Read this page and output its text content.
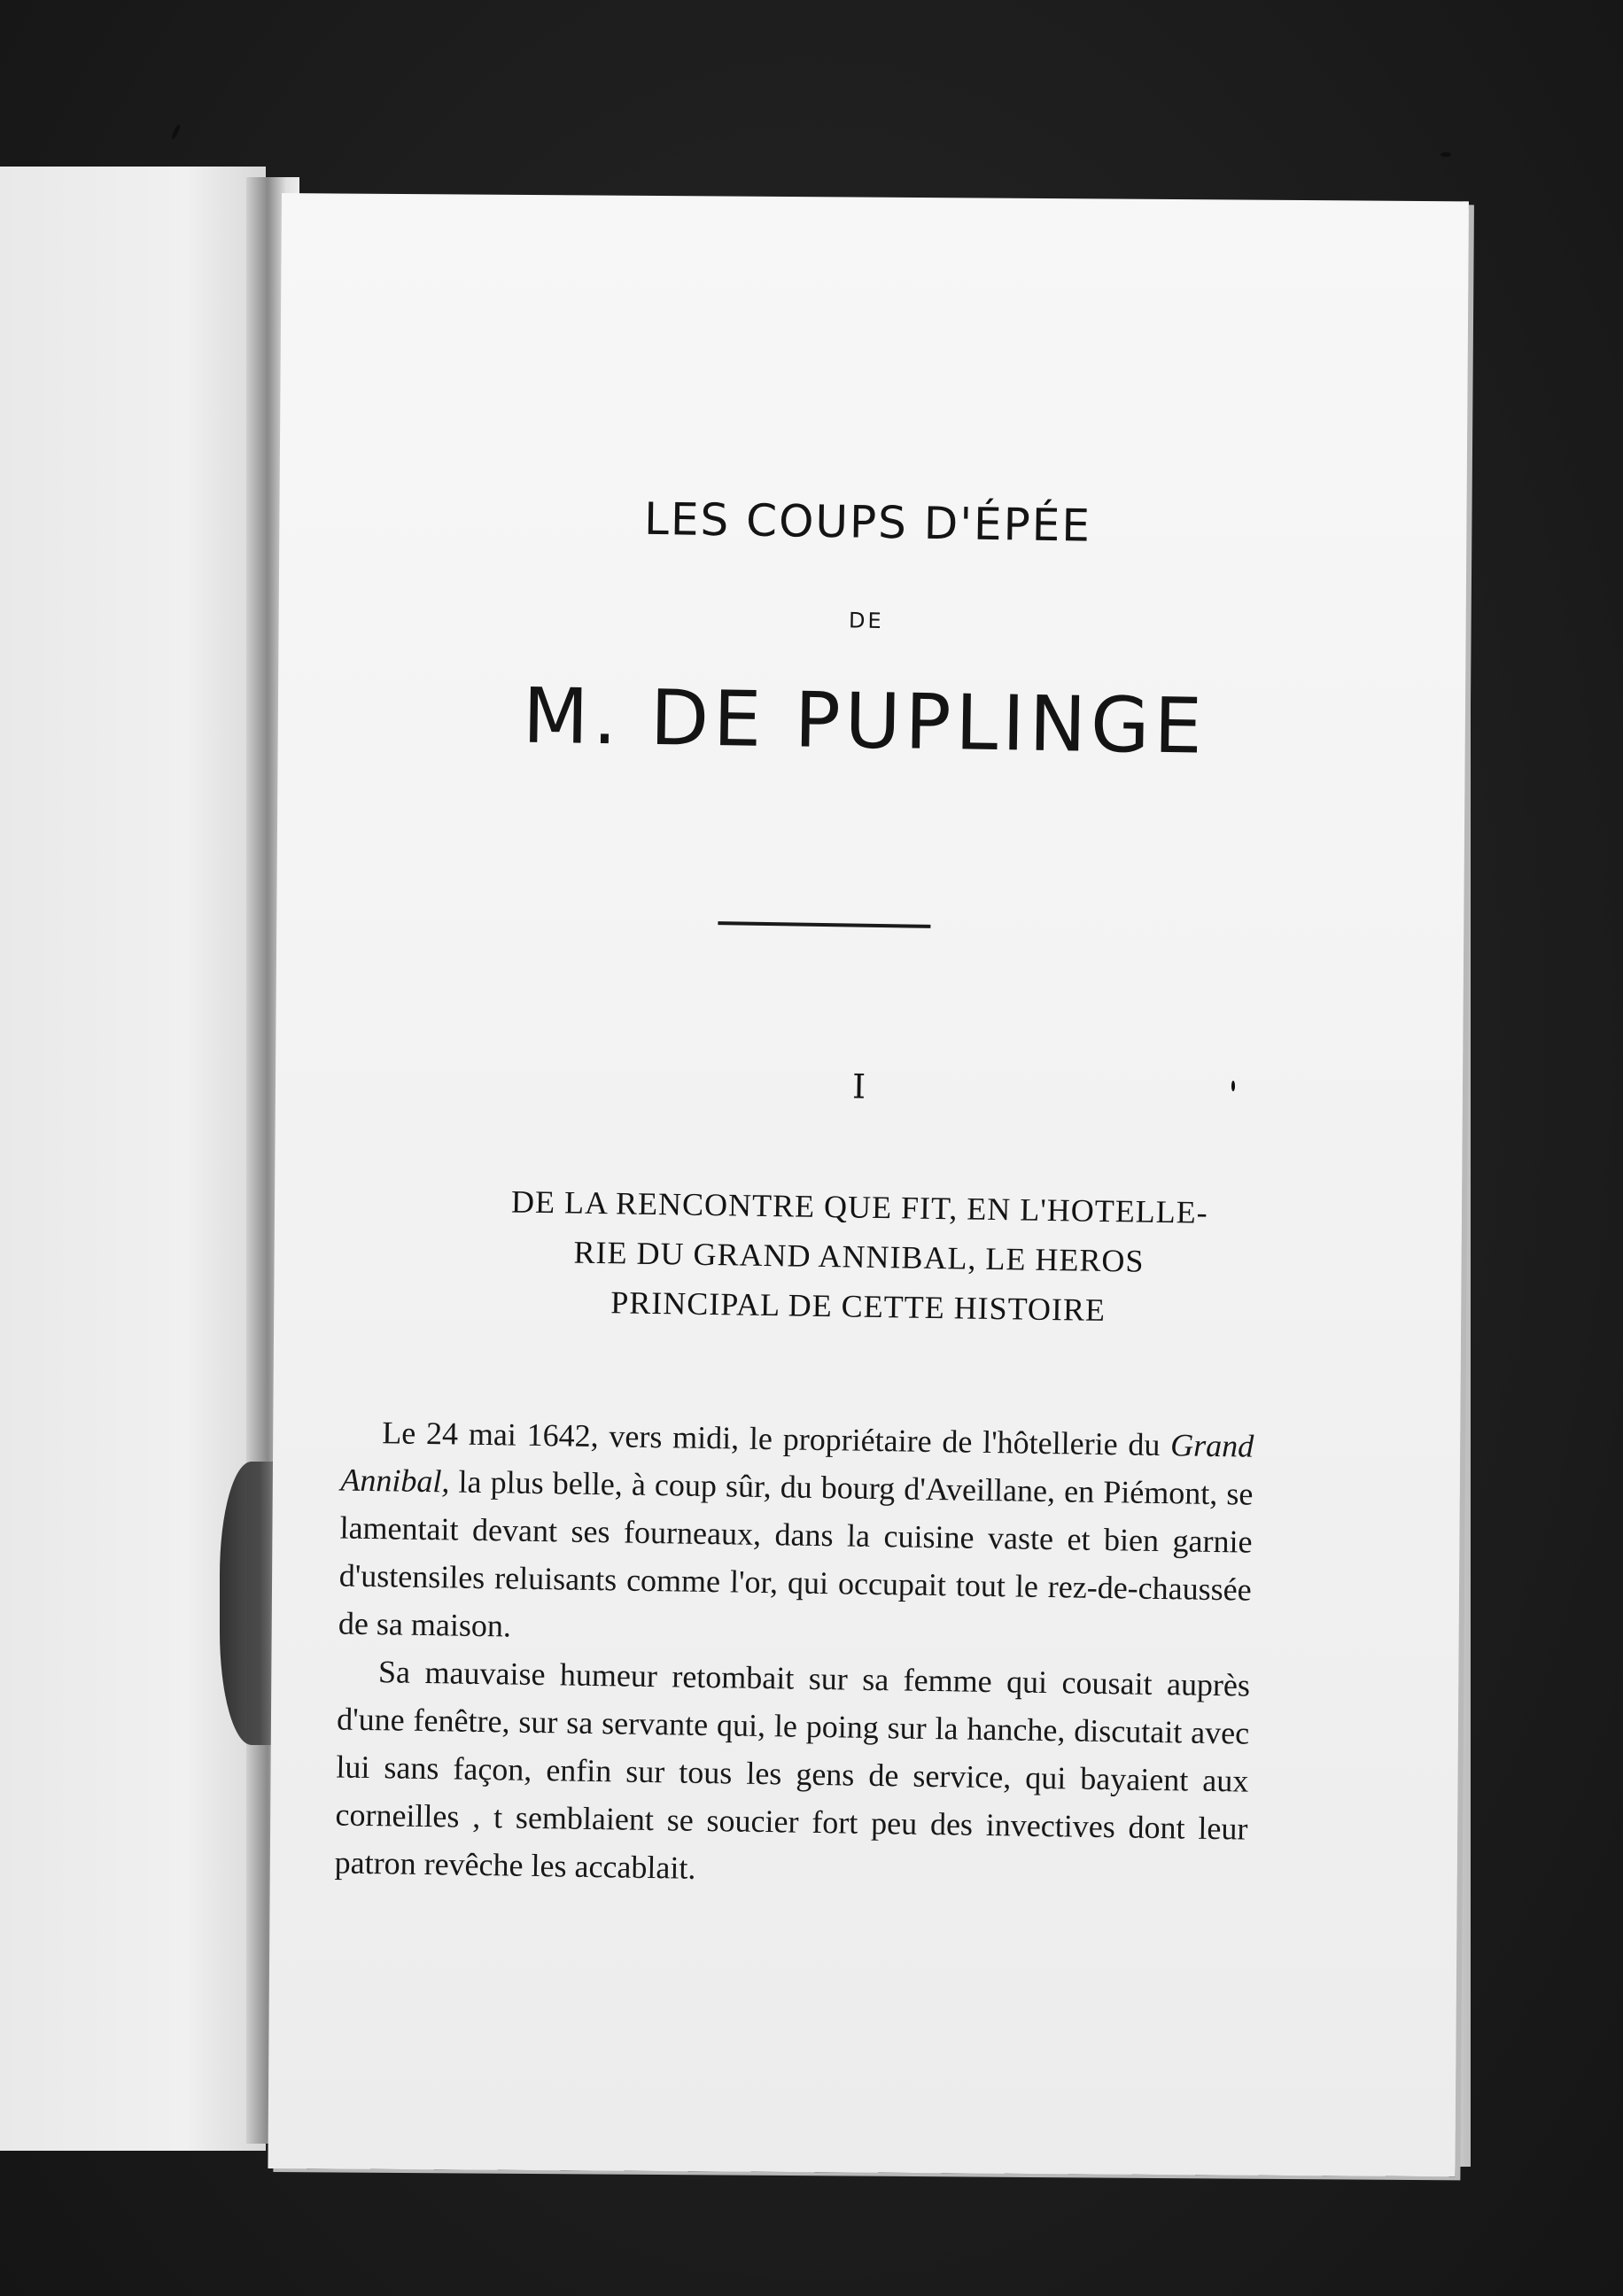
LES COUPS D'ÉPÉE
DE
M. DE PUPLINGE
I
DE LA RENCONTRE QUE FIT, EN L'HOTELLE-
RIE DU GRAND ANNIBAL, LE HEROS
PRINCIPAL DE CETTE HISTOIRE

Le 24 mai 1642, vers midi, le propriétaire de l'hôtellerie du Grand Annibal, la plus belle, à coup sûr, du bourg d'Aveillane, en Piémont, se lamentait devant ses fourneaux, dans la cuisine vaste et bien garnie d'ustensiles reluisants comme l'or, qui occupait tout le rez-de-chaussée de sa maison.

Sa mauvaise humeur retombait sur sa femme qui cousait auprès d'une fenêtre, sur sa servante qui, le poing sur la hanche, discutait avec lui sans façon, enfin sur tous les gens de service, qui bayaient aux corneilles , t semblaient se soucier fort peu des invectives dont leur patron revêche les accablait.
